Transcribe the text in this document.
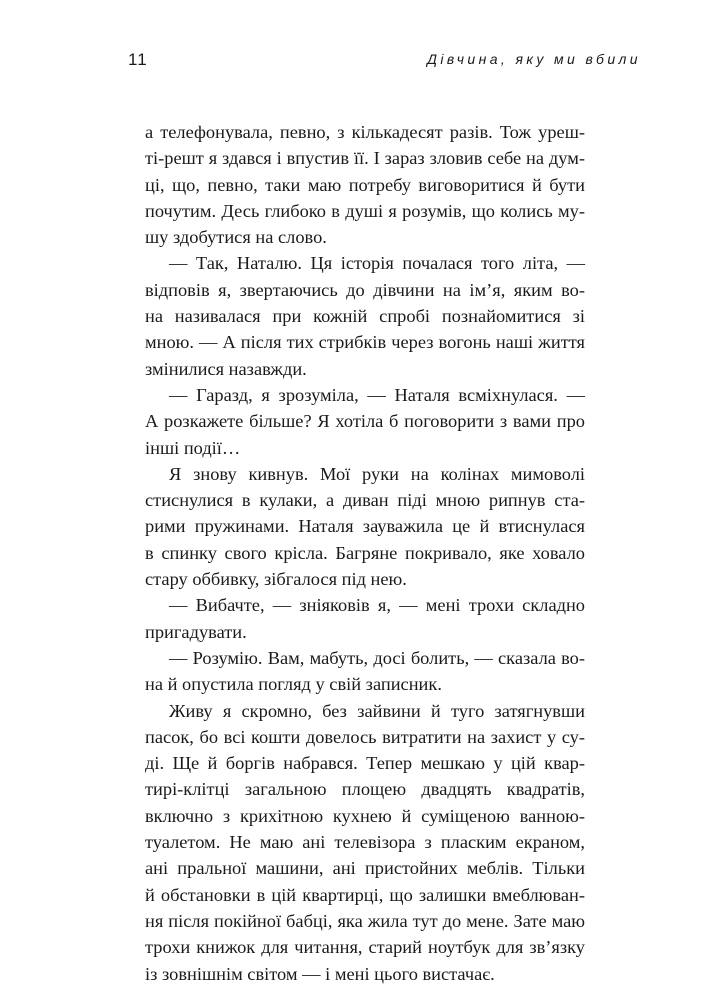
11	Дівчина, яку ми вбили
а телефонувала, певно, з кількадесят разів. Тож уреш-
ті-решт я здався і впустив її. І зараз зловив себе на дум-
ці, що, певно, таки маю потребу виговоритися й бути
почутим. Десь глибоко в душі я розумів, що колись му-
шу здобутися на слово.
— Так, Наталю. Ця історія почалася того літа, —
відповів я, звертаючись до дівчини на ім’я, яким во-
на називалася при кожній спробі познайомитися зі
мною. — А після тих стрибків через вогонь наші життя
змінилися назавжди.
— Гаразд, я зрозуміла, — Наталя всміхнулася. —
А розкажете більше? Я хотіла б поговорити з вами про
інші події…
Я знову кивнув. Мої руки на колінах мимоволі
стиснулися в кулаки, а диван піді мною рипнув ста-
рими пружинами. Наталя зауважила це й втиснулася
в спинку свого крісла. Багряне покривало, яке ховало
стару оббивку, зібгалося під нею.
— Вибачте, — зніяковів я, — мені трохи складно
пригадувати.
— Розумію. Вам, мабуть, досі болить, — сказала во-
на й опустила погляд у свій записник.
Живу я скромно, без зайвини й туго затягнувши
пасок, бо всі кошти довелось витратити на захист у су-
ді. Ще й боргів набрався. Тепер мешкаю у цій квар-
тирі-клітці загальною площею двадцять квадратів,
включно з крихітною кухнею й суміщеною ванною-
туалетом. Не маю ані телевізора з пласким екраном,
ані пральної машини, ані пристойних меблів. Тільки
й обстановки в цій квартирці, що залишки вмеблюван-
ня після покійної бабці, яка жила тут до мене. Зате маю
трохи книжок для читання, старий ноутбук для зв’язку
із зовнішнім світом — і мені цього вистачає.
